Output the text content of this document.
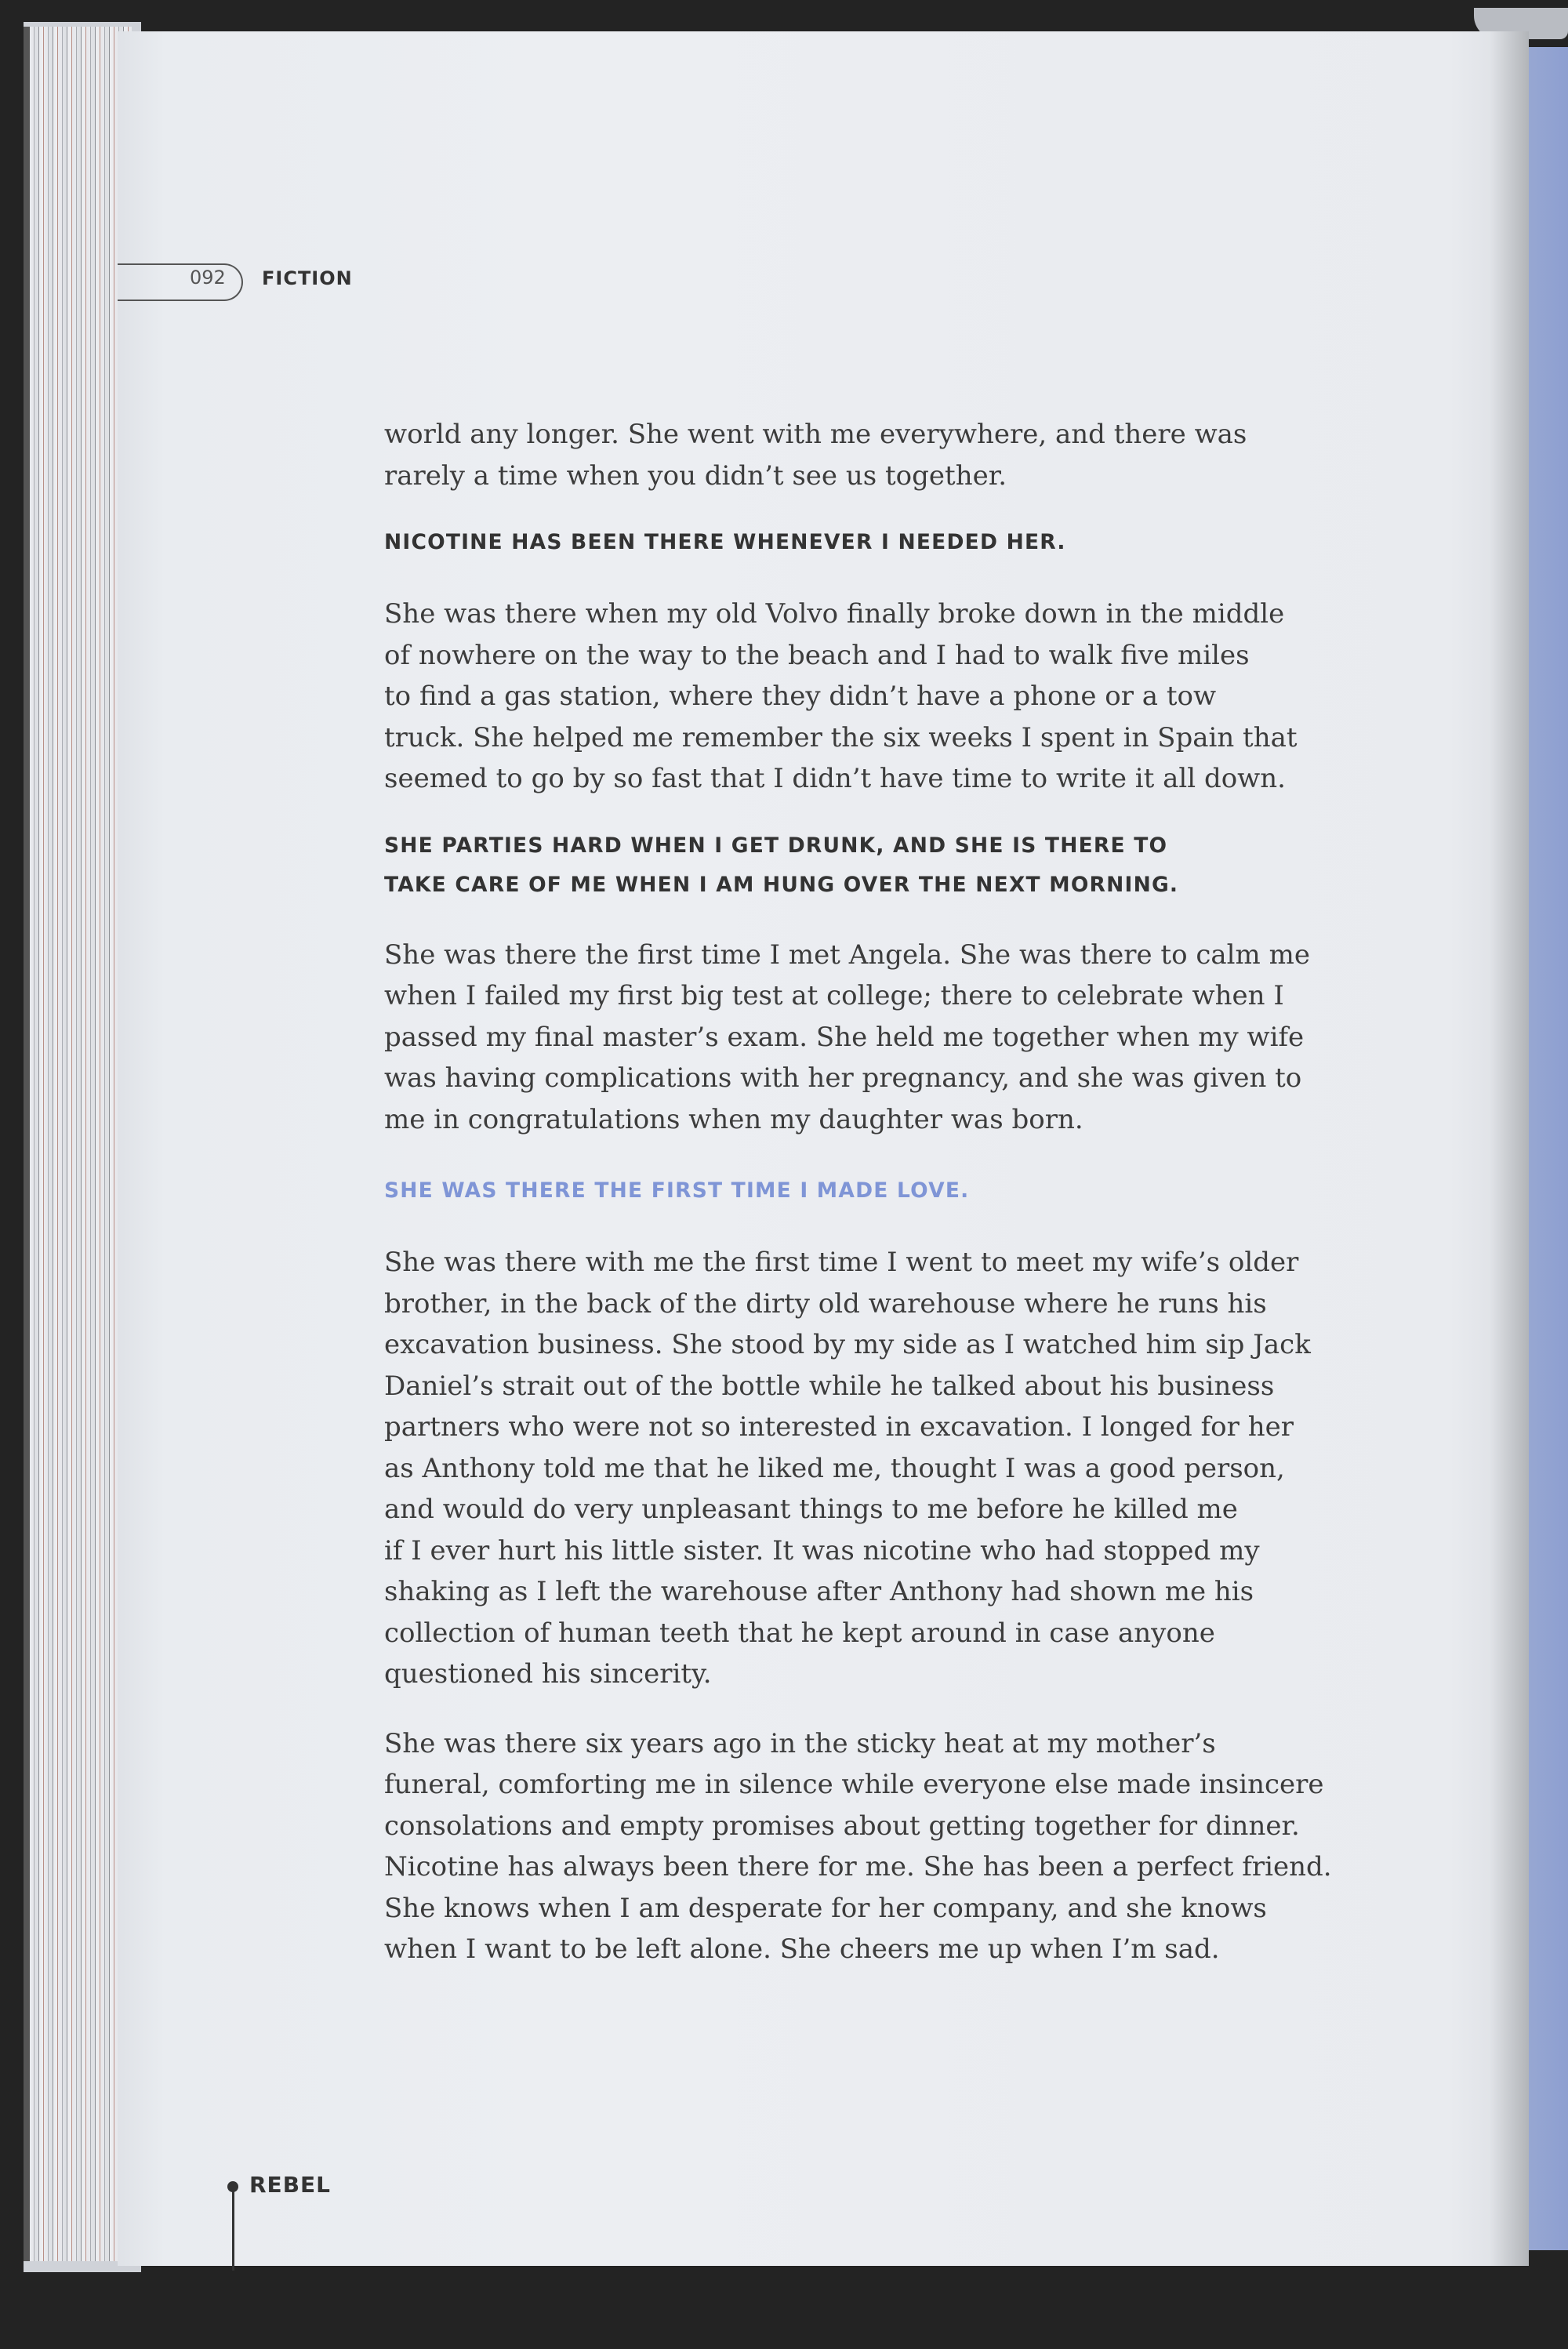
092 FICTION

world any longer. She went with me everywhere, and there was
rarely a time when you didn’t see us together.

NICOTINE HAS BEEN THERE WHENEVER I NEEDED HER.

She was there when my old Volvo finally broke down in the middle
of nowhere on the way to the beach and I had to walk five miles
to find a gas station, where they didn’t have a phone or a tow
truck. She helped me remember the six weeks I spent in Spain that
seemed to go by so fast that I didn’t have time to write it all down.

SHE PARTIES HARD WHEN I GET DRUNK, AND SHE IS THERE TO
TAKE CARE OF ME WHEN I AM HUNG OVER THE NEXT MORNING.

She was there the first time I met Angela. She was there to calm me
when I failed my first big test at college; there to celebrate when I
passed my final master’s exam. She held me together when my wife
was having complications with her pregnancy, and she was given to
me in congratulations when my daughter was born.

SHE WAS THERE THE FIRST TIME I MADE LOVE.

She was there with me the first time I went to meet my wife’s older
brother, in the back of the dirty old warehouse where he runs his
excavation business. She stood by my side as I watched him sip Jack
Daniel’s strait out of the bottle while he talked about his business
partners who were not so interested in excavation. I longed for her
as Anthony told me that he liked me, thought I was a good person,
and would do very unpleasant things to me before he killed me
if I ever hurt his little sister. It was nicotine who had stopped my
shaking as I left the warehouse after Anthony had shown me his
collection of human teeth that he kept around in case anyone
questioned his sincerity.

She was there six years ago in the sticky heat at my mother’s
funeral, comforting me in silence while everyone else made insincere
consolations and empty promises about getting together for dinner.
Nicotine has always been there for me. She has been a perfect friend.
She knows when I am desperate for her company, and she knows
when I want to be left alone. She cheers me up when I’m sad.

REBEL
